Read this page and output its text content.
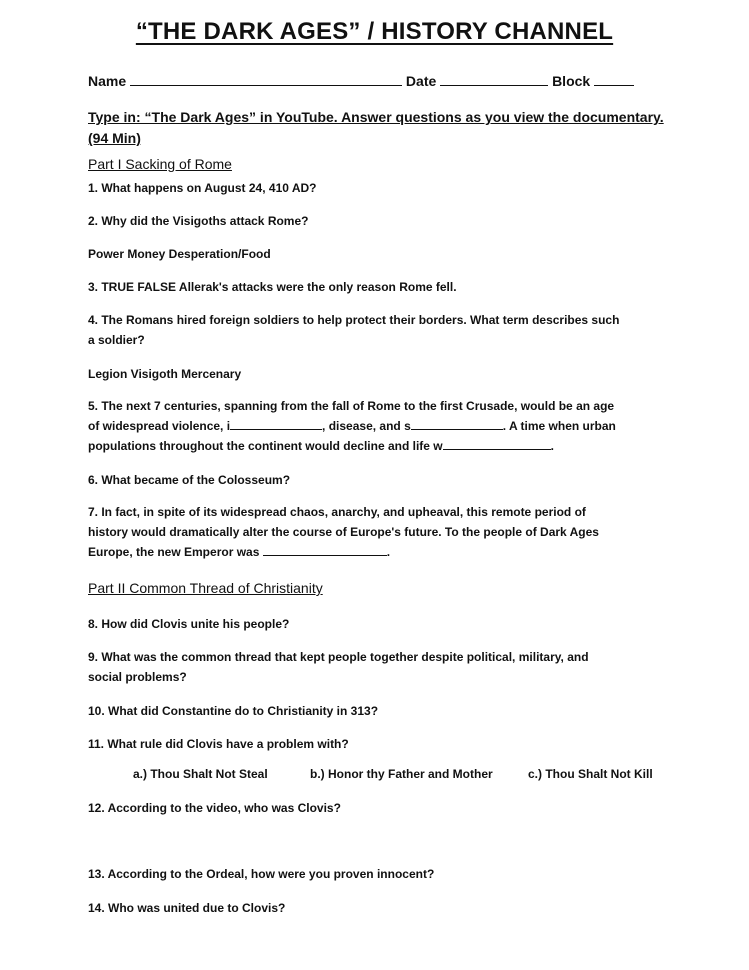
“THE DARK AGES” / HISTORY CHANNEL
Name	Date	Block
Type in: “The Dark Ages” in YouTube. Answer questions as you view the documentary.
(94 Min)
Part I Sacking of Rome
1. What happens on August 24, 410 AD?
2. Why did the Visigoths attack Rome?
Power Money Desperation/Food
3. TRUE FALSE Allerak's attacks were the only reason Rome fell.
4. The Romans hired foreign soldiers to help protect their borders. What term describes such
a soldier?
Legion Visigoth Mercenary
5. The next 7 centuries, spanning from the fall of Rome to the first Crusade, would be an age
of widespread violence, i	, disease, and s	. A time when urban
populations throughout the continent would decline and life w	.
6. What became of the Colosseum?
7. In fact, in spite of its widespread chaos, anarchy, and upheaval, this remote period of
history would dramatically alter the course of Europe's future. To the people of Dark Ages
Europe, the new Emperor was	.
Part II Common Thread of Christianity
8. How did Clovis unite his people?
9. What was the common thread that kept people together despite political, military, and
social problems?
10. What did Constantine do to Christianity in 313?
11. What rule did Clovis have a problem with?
a.) Thou Shalt Not Steal	b.) Honor thy Father and Mother	c.) Thou Shalt Not Kill
12. According to the video, who was Clovis?
13. According to the Ordeal, how were you proven innocent?
14. Who was united due to Clovis?
